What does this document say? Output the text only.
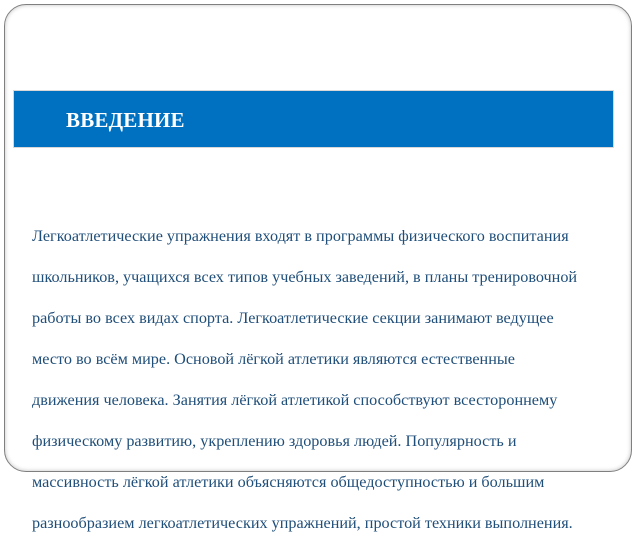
ВВЕДЕНИЕ

Легкоатлетические упражнения входят в программы физического воспитания

школьников, учащихся всех типов учебных заведений, в планы тренировочной

работы во всех видах спорта. Легкоатлетические секции занимают ведущее

место во всём мире. Основой лёгкой атлетики являются естественные

движения человека. Занятия лёгкой атлетикой способствуют всестороннему

физическому развитию, укреплению здоровья людей. Популярность и

массивность лёгкой атлетики объясняются общедоступностью и большим

разнообразием легкоатлетических упражнений, простой техники выполнения.
